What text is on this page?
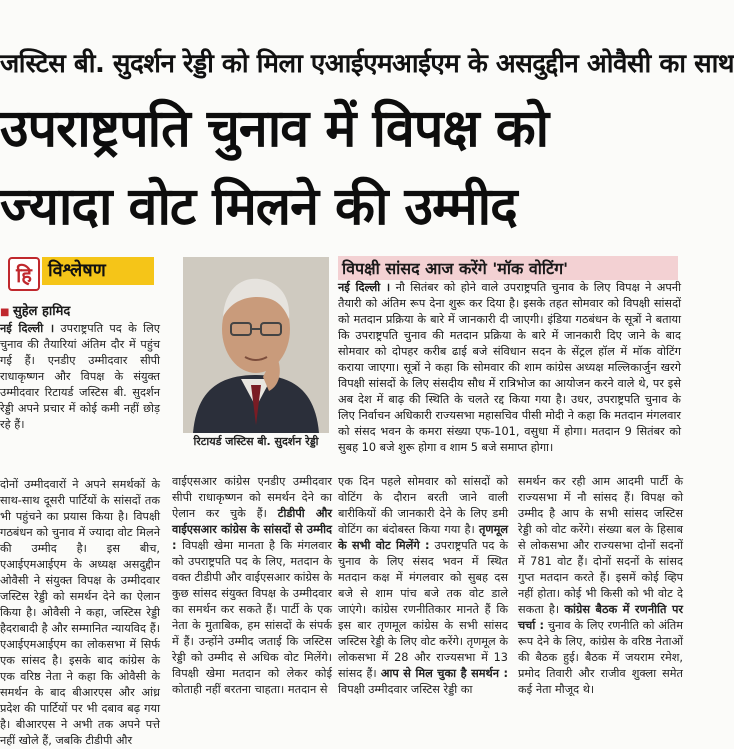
जस्टिस बी. सुदर्शन रेड्डी को मिला एआईएमआईएम के असदुद्दीन ओवैसी का साथ
उपराष्ट्रपति चुनाव में विपक्ष को
ज्यादा वोट मिलने की उम्मीद
हि विश्लेषण
■ सुहेल हामिद
नई दिल्ली । उपराष्ट्रपति पद के लिए चुनाव की तैयारियां अंतिम दौर में पहुंच गई हैं। एनडीए उम्मीदवार सीपी राधाकृष्णन और विपक्ष के संयुक्त उम्मीदवार रिटायर्ड जस्टिस बी. सुदर्शन रेड्डी अपने प्रचार में कोई कमी नहीं छोड़ रहे हैं।
दोनों उम्मीदवारों ने अपने समर्थकों के साथ-साथ दूसरी पार्टियों के सांसदों तक भी पहुंचने का प्रयास किया है। विपक्षी गठबंधन को चुनाव में ज्यादा वोट मिलने की उम्मीद है। इस बीच, एआईएमआईएम के अध्यक्ष असदुद्दीन ओवैसी ने संयुक्त विपक्ष के उम्मीदवार जस्टिस रेड्डी को समर्थन देने का ऐलान किया है। ओवैसी ने कहा, जस्टिस रेड्डी हैदराबादी है और सम्मानित न्यायविद हैं। एआईएमआईएम का लोकसभा में सिर्फ एक सांसद है। इसके बाद कांग्रेस के एक वरिष्ठ नेता ने कहा कि ओवैसी के समर्थन के बाद बीआरएस और आंध्र प्रदेश की पार्टियों पर भी दबाव बढ़ गया है। बीआरएस ने अभी तक अपने पत्ते नहीं खोले हैं, जबकि टीडीपी और
रिटायर्ड जस्टिस बी. सुदर्शन रेड्डी
विपक्षी सांसद आज करेंगे 'मॉक वोटिंग'
नई दिल्ली । नौ सितंबर को होने वाले उपराष्ट्रपति चुनाव के लिए विपक्ष ने अपनी तैयारी को अंतिम रूप देना शुरू कर दिया है। इसके तहत सोमवार को विपक्षी सांसदों को मतदान प्रक्रिया के बारे में जानकारी दी जाएगी। इंडिया गठबंधन के सूत्रों ने बताया कि उपराष्ट्रपति चुनाव की मतदान प्रक्रिया के बारे में जानकारी दिए जाने के बाद सोमवार को दोपहर करीब ढाई बजे संविधान सदन के सेंट्रल हॉल में मॉक वोटिंग कराया जाएगा। सूत्रों ने कहा कि सोमवार की शाम कांग्रेस अध्यक्ष मल्लिकार्जुन खरगे विपक्षी सांसदों के लिए संसदीय सौध में रात्रिभोज का आयोजन करने वाले थे, पर इसे अब देश में बाढ़ की स्थिति के चलते रद्द किया गया है। उधर, उपराष्ट्रपति चुनाव के लिए निर्वाचन अधिकारी राज्यसभा महासचिव पीसी मोदी ने कहा कि मतदान मंगलवार को संसद भवन के कमरा संख्या एफ-101, वसुधा में होगा। मतदान 9 सितंबर को सुबह 10 बजे शुरू होगा व शाम 5 बजे समाप्त होगा।
वाईएसआर कांग्रेस एनडीए उम्मीदवार सीपी राधाकृष्णन को समर्थन देने का ऐलान कर चुके हैं। टीडीपी और वाईएसआर कांग्रेस के सांसदों से उम्मीद : विपक्षी खेमा मानता है कि मंगलवार को उपराष्ट्रपति पद के लिए, मतदान के वक्त टीडीपी और वाईएसआर कांग्रेस के कुछ सांसद संयुक्त विपक्ष के उम्मीदवार का समर्थन कर सकते हैं। पार्टी के एक नेता के मुताबिक, हम सांसदों के संपर्क में हैं। उन्होंने उम्मीद जताई कि जस्टिस रेड्डी को उम्मीद से अधिक वोट मिलेंगे। विपक्षी खेमा मतदान को लेकर कोई कोताही नहीं बरतना चाहता। मतदान से
एक दिन पहले सोमवार को सांसदों को वोटिंग के दौरान बरती जाने वाली बारीकियों की जानकारी देने के लिए डमी वोटिंग का बंदोबस्त किया गया है। तृणमूल के सभी वोट मिलेंगे : उपराष्ट्रपति पद के चुनाव के लिए संसद भवन में स्थित मतदान कक्ष में मंगलवार को सुबह दस बजे से शाम पांच बजे तक वोट डाले जाएंगे। कांग्रेस रणनीतिकार मानते हैं कि इस बार तृणमूल कांग्रेस के सभी सांसद जस्टिस रेड्डी के लिए वोट करेंगे। तृणमूल के लोकसभा में 28 और राज्यसभा में 13 सांसद हैं। आप से मिल चुका है समर्थन : विपक्षी उम्मीदवार जस्टिस रेड्डी का
समर्थन कर रही आम आदमी पार्टी के राज्यसभा में नौ सांसद हैं। विपक्ष को उम्मीद है आप के सभी सांसद जस्टिस रेड्डी को वोट करेंगे। संख्या बल के हिसाब से लोकसभा और राज्यसभा दोनों सदनों में 781 वोट हैं। दोनों सदनों के सांसद गुप्त मतदान करते हैं। इसमें कोई व्हिप नहीं होता। कोई भी किसी को भी वोट दे सकता है। कांग्रेस बैठक में रणनीति पर चर्चा : चुनाव के लिए रणनीति को अंतिम रूप देने के लिए, कांग्रेस के वरिष्ठ नेताओं की बैठक हुई। बैठक में जयराम रमेश, प्रमोद तिवारी और राजीव शुक्ला समेत कई नेता मौजूद थे।
